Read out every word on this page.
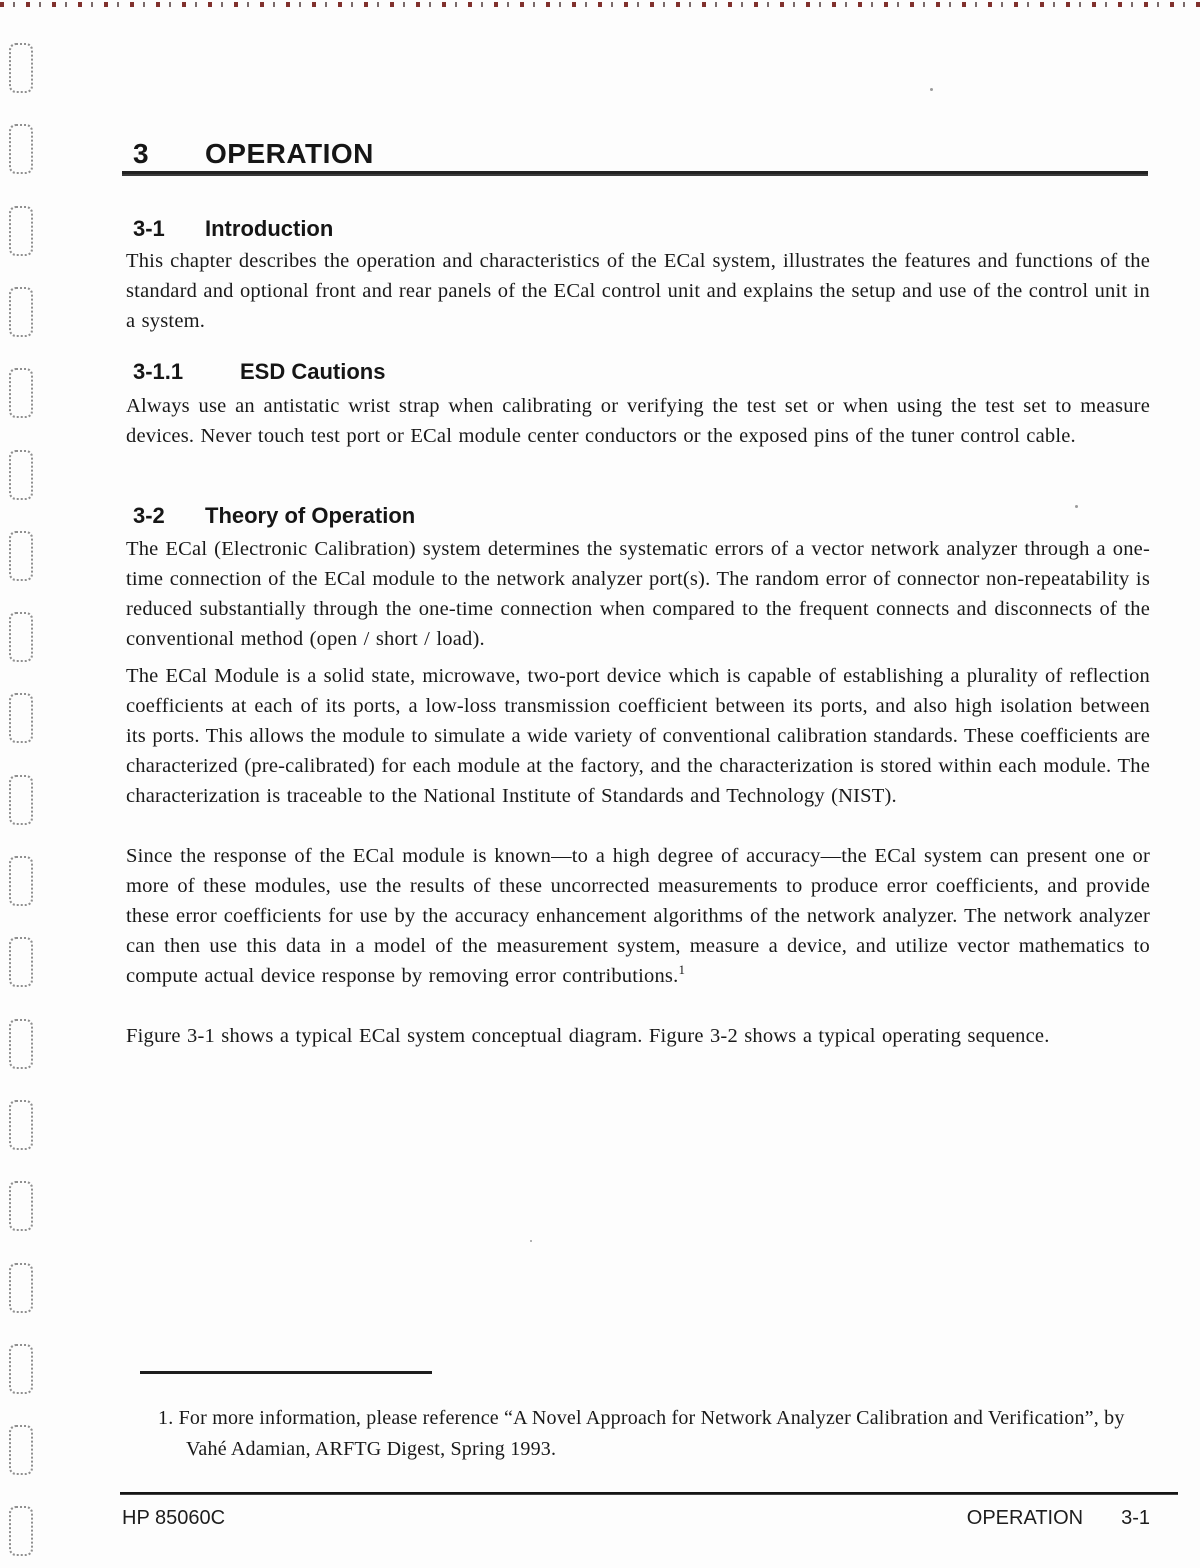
3 OPERATION
3-1 Introduction

This chapter describes the operation and characteristics of the ECal system, illustrates the features and functions of the standard and optional front and rear panels of the ECal control unit and explains the setup and use of the control unit in a system.

3-1.1	ESD Cautions

Always use an antistatic wrist strap when calibrating or verifying the test set or when using the test set to measure devices. Never touch test port or ECal module center conductors or the exposed pins of the tuner control cable.

3-2 Theory of Operation

The ECal (Electronic Calibration) system determines the systematic errors of a vector network analyzer through a one-time connection of the ECal module to the network analyzer port(s). The random error of connector non-repeatability is reduced substantially through the one-time connection when compared to the frequent connects and disconnects of the conventional method (open / short / load).

The ECal Module is a solid state, microwave, two-port device which is capable of establishing a plurality of reflection coefficients at each of its ports, a low-loss transmission coefficient between its ports, and also high isolation between its ports. This allows the module to simulate a wide variety of conventional calibration standards. These coefficients are characterized (pre-calibrated) for each module at the factory, and the characterization is stored within each module. The characterization is traceable to the National Institute of Standards and Technology (NIST).

Since the response of the ECal module is known—to a high degree of accuracy—the ECal system can present one or more of these modules, use the results of these uncorrected measurements to produce error coefficients, and provide these error coefficients for use by the accuracy enhancement algorithms of the network analyzer. The network analyzer can then use this data in a model of the measurement system, measure a device, and utilize vector mathematics to compute actual device response by removing error contributions.$^1$

Figure 3-1 shows a typical ECal system conceptual diagram. Figure 3-2 shows a typical operating sequence.

1. For more information, please reference “A Novel Approach for Network Analyzer Calibration and Verification”, by Vahé Adamian, ARFTG Digest, Spring 1993.
HP 85060C	OPERATION 3-1
